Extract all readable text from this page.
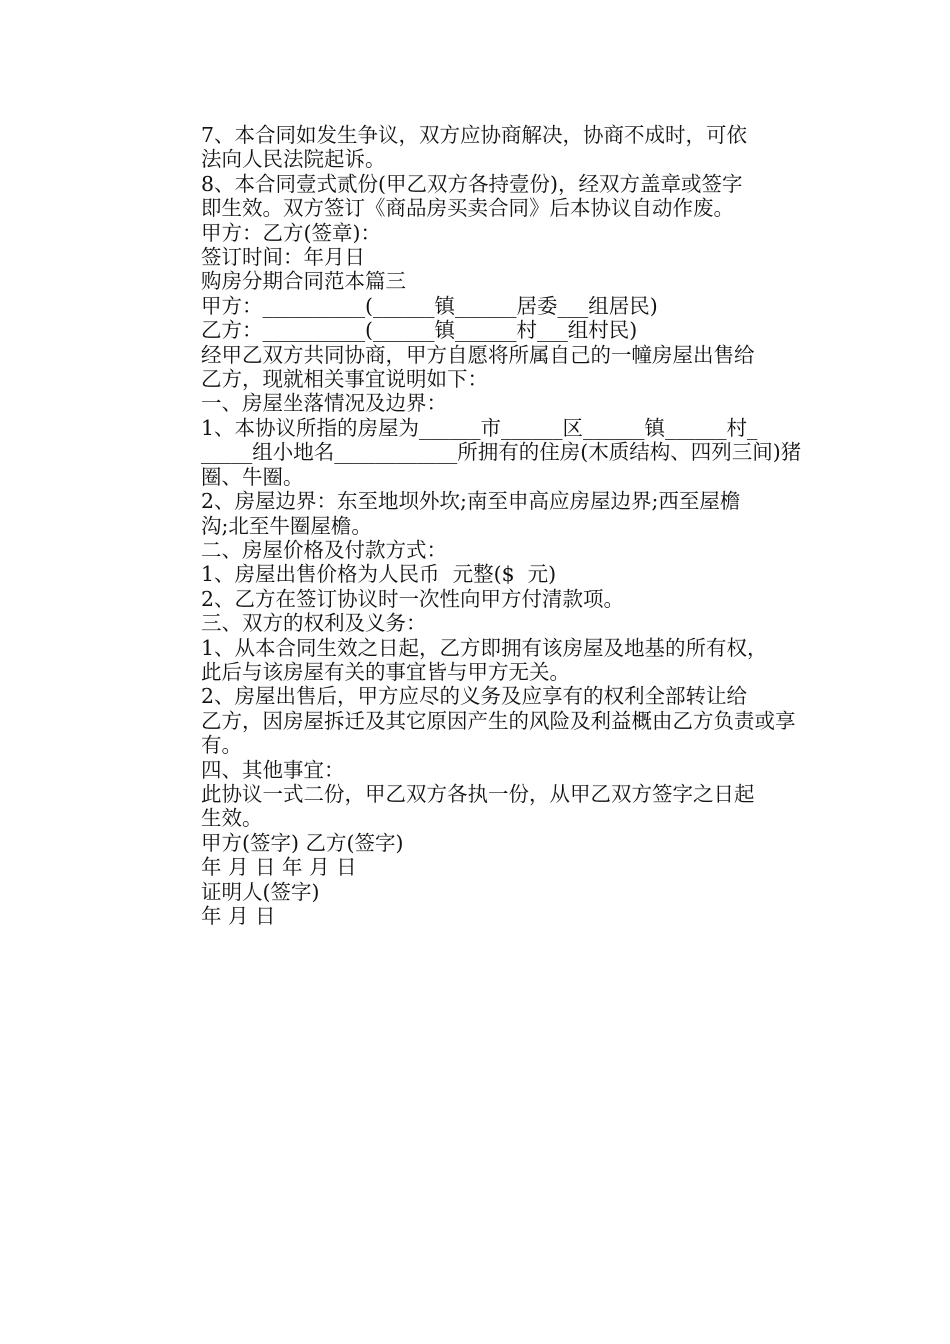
7、本合同如发生争议，双方应协商解决，协商不成时，可依
法向人民法院起诉。

8、本合同壹式贰份(甲乙双方各持壹份)，经双方盖章或签字
即生效。双方签订《商品房买卖合同》后本协议自动作废。

甲方：乙方(签章)：

签订时间：年月日

购房分期合同范本篇三

甲方：__________(______镇______居委___组居民)

乙方：__________(______镇______村___组村民)

经甲乙双方共同协商，甲方自愿将所属自己的一幢房屋出售给
乙方，现就相关事宜说明如下：

一、房屋坐落情况及边界：

1、本协议所指的房屋为______市______区______镇______村_
_____组小地名____________所拥有的住房(木质结构、四列三间)猪
圈、牛圈。

2、房屋边界：东至地坝外坎;南至申高应房屋边界;西至屋檐
沟;北至牛圈屋檐。

二、房屋价格及付款方式：

1、房屋出售价格为人民币  元整($  元)

2、乙方在签订协议时一次性向甲方付清款项。

三、双方的权利及义务：

1、从本合同生效之日起，乙方即拥有该房屋及地基的所有权，
此后与该房屋有关的事宜皆与甲方无关。

2、房屋出售后，甲方应尽的义务及应享有的权利全部转让给
乙方，因房屋拆迁及其它原因产生的风险及利益概由乙方负责或享
有。

四、其他事宜：

此协议一式二份，甲乙双方各执一份，从甲乙双方签字之日起
生效。

甲方(签字) 乙方(签字)

年 月 日 年 月 日

证明人(签字)

年 月 日
